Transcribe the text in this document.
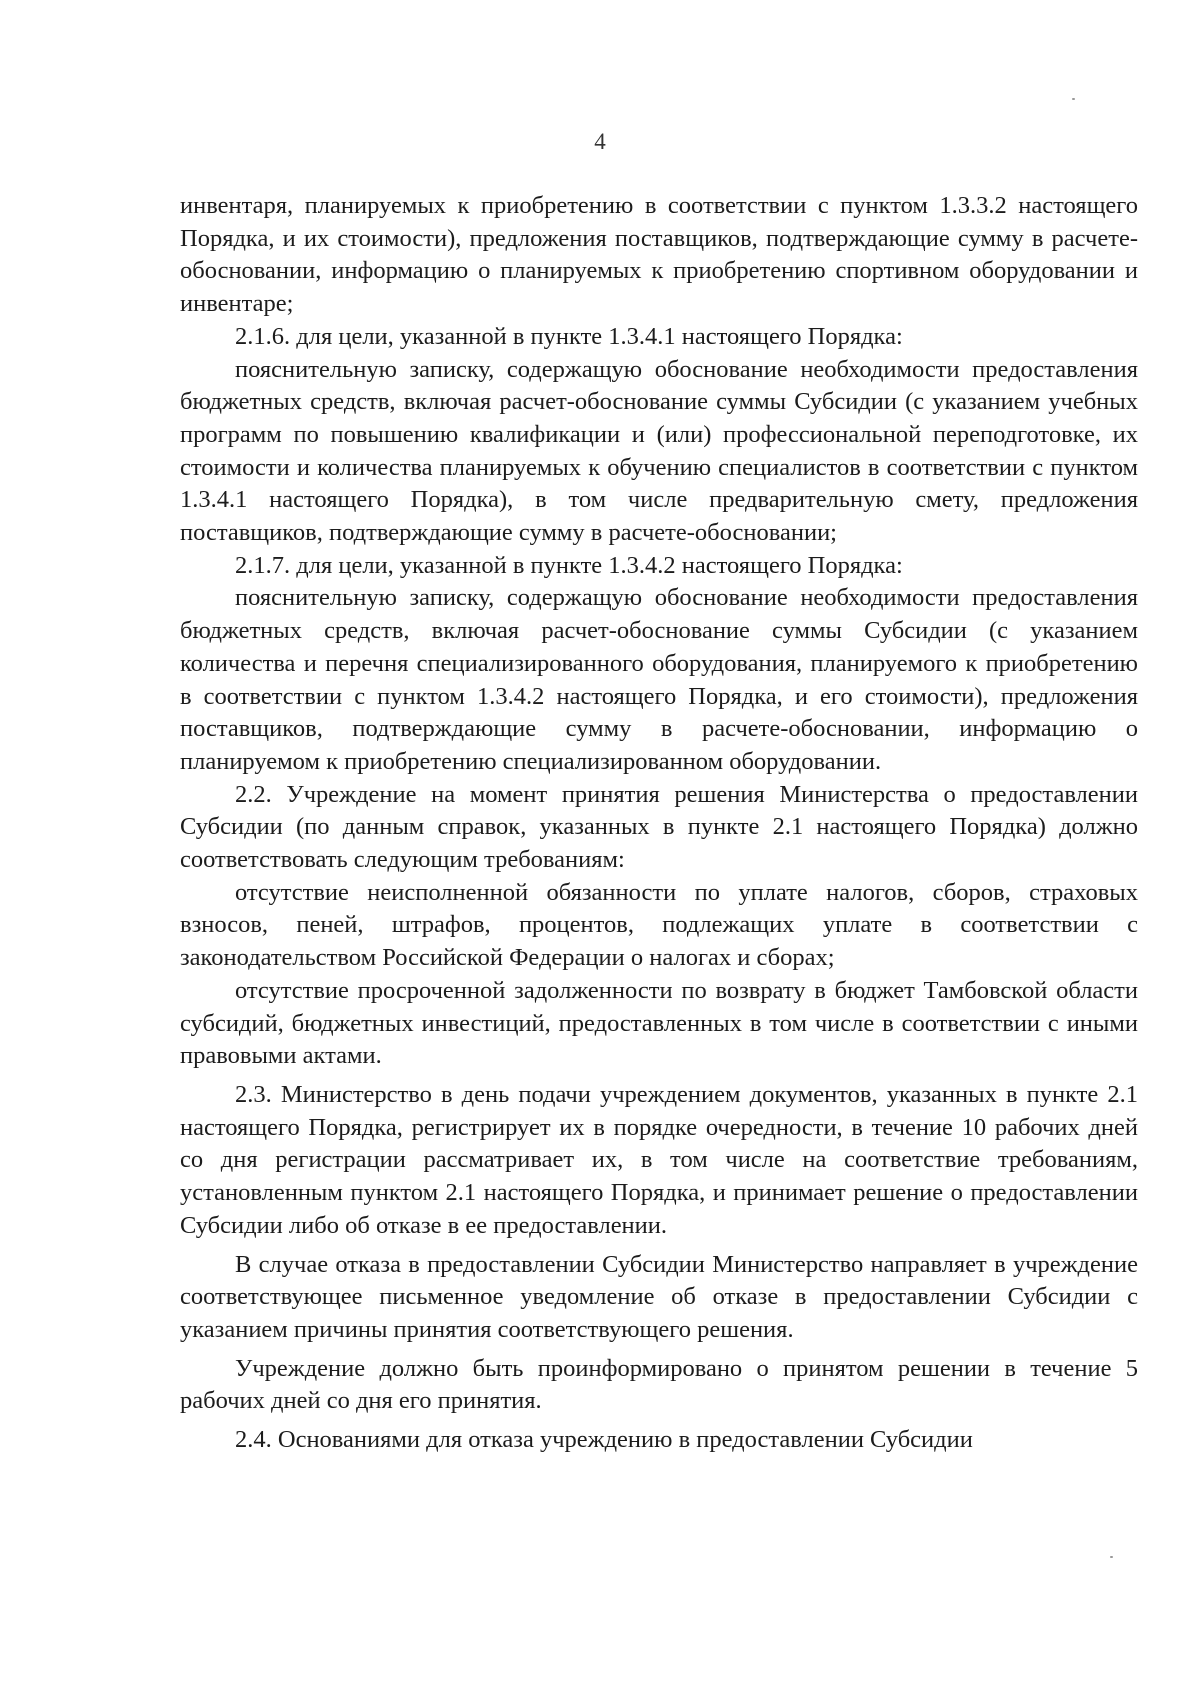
4

инвентаря, планируемых к приобретению в соответствии с пунктом 1.3.3.2 настоящего Порядка, и их стоимости), предложения поставщиков, подтверждающие сумму в расчете-обосновании, информацию о планируемых к приобретению спортивном оборудовании и инвентаре;

2.1.6. для цели, указанной в пункте 1.3.4.1 настоящего Порядка:

пояснительную записку, содержащую обоснование необходимости предоставления бюджетных средств, включая расчет-обоснование суммы Субсидии (с указанием учебных программ по повышению квалификации и (или) профессиональной переподготовке, их стоимости и количества планируемых к обучению специалистов в соответствии с пунктом 1.3.4.1 настоящего Порядка), в том числе предварительную смету, предложения поставщиков, подтверждающие сумму в расчете-обосновании;

2.1.7. для цели, указанной в пункте 1.3.4.2 настоящего Порядка:

пояснительную записку, содержащую обоснование необходимости предоставления бюджетных средств, включая расчет-обоснование суммы Субсидии (с указанием количества и перечня специализированного оборудования, планируемого к приобретению в соответствии с пунктом 1.3.4.2 настоящего Порядка, и его стоимости), предложения поставщиков, подтверждающие сумму в расчете-обосновании, информацию о планируемом к приобретению специализированном оборудовании.

2.2. Учреждение на момент принятия решения Министерства о предоставлении Субсидии (по данным справок, указанных в пункте 2.1 настоящего Порядка) должно соответствовать следующим требованиям:

отсутствие неисполненной обязанности по уплате налогов, сборов, страховых взносов, пеней, штрафов, процентов, подлежащих уплате в соответствии с законодательством Российской Федерации о налогах и сборах;

отсутствие просроченной задолженности по возврату в бюджет Тамбовской области субсидий, бюджетных инвестиций, предоставленных в том числе в соответствии с иными правовыми актами.

2.3. Министерство в день подачи учреждением документов, указанных в пункте 2.1 настоящего Порядка, регистрирует их в порядке очередности, в течение 10 рабочих дней со дня регистрации рассматривает их, в том числе на соответствие требованиям, установленным пунктом 2.1 настоящего Порядка, и принимает решение о предоставлении Субсидии либо об отказе в ее предоставлении.

В случае отказа в предоставлении Субсидии Министерство направляет в учреждение соответствующее письменное уведомление об отказе в предоставлении Субсидии с указанием причины принятия соответствующего решения.

Учреждение должно быть проинформировано о принятом решении в течение 5 рабочих дней со дня его принятия.

2.4. Основаниями для отказа учреждению в предоставлении Субсидии
